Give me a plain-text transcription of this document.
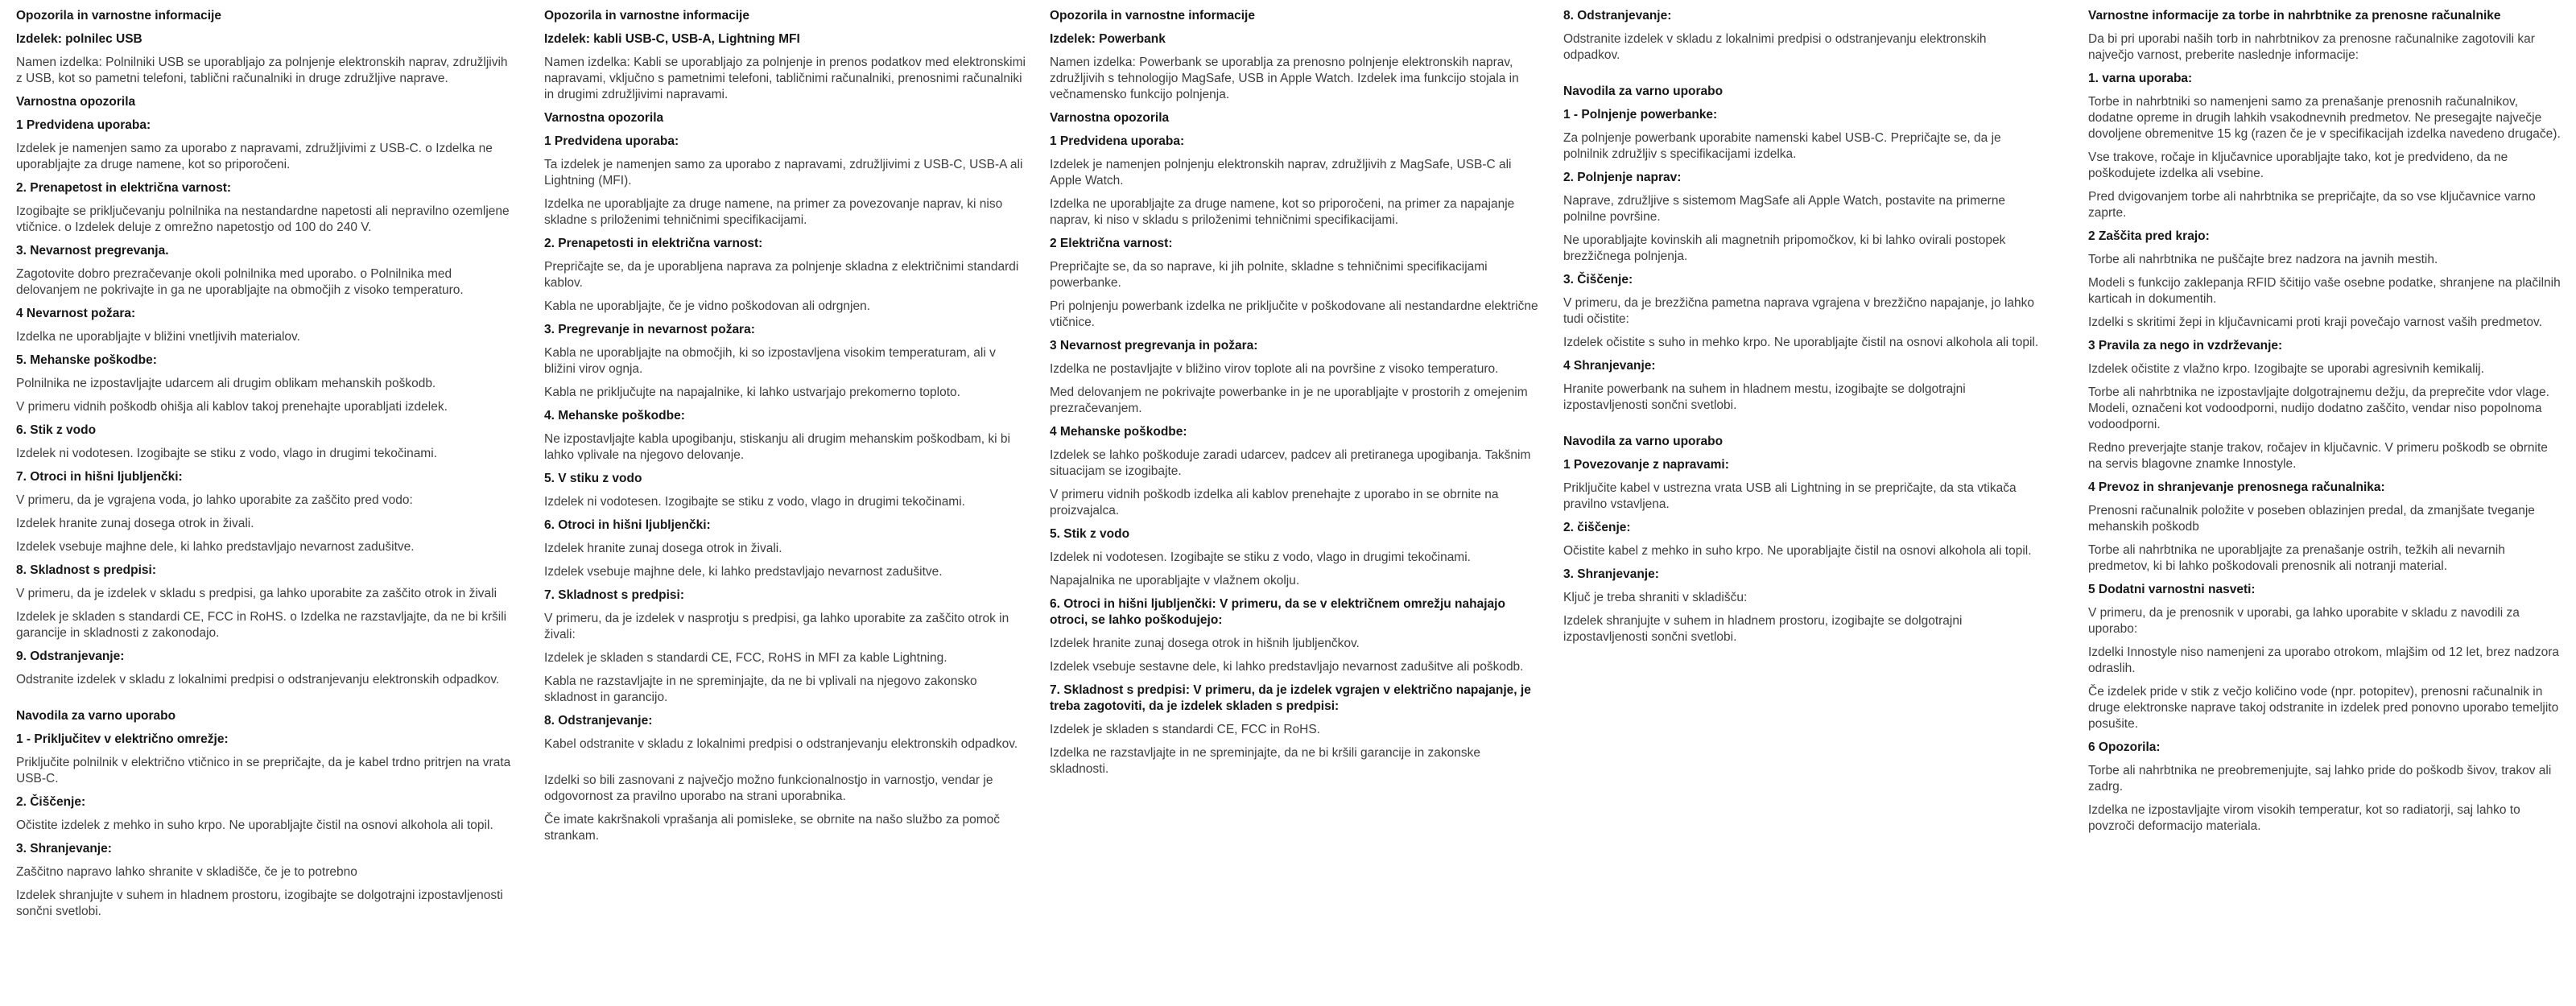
Opozorila in varnostne informacije
Izdelek: polnilec USB

Namen izdelka: Polnilniki USB se uporabljajo za polnjenje elektronskih naprav, združljivih z USB, kot so pametni telefoni, tablični računalniki in druge združljive naprave.

Varnostna opozorila
1 Predvidena uporaba:

Izdelek je namenjen samo za uporabo z napravami, združljivimi z USB-C. o Izdelka ne uporabljajte za druge namene, kot so priporočeni.

2. Prenapetost in električna varnost:

Izogibajte se priključevanju polnilnika na nestandardne napetosti ali nepravilno ozemljene vtičnice. o Izdelek deluje z omrežno napetostjo od 100 do 240 V.

3. Nevarnost pregrevanja.

Zagotovite dobro prezračevanje okoli polnilnika med uporabo. o Polnilnika med delovanjem ne pokrivajte in ga ne uporabljajte na območjih z visoko temperaturo.

4 Nevarnost požara:

Izdelka ne uporabljajte v bližini vnetljivih materialov.

5. Mehanske poškodbe:

Polnilnika ne izpostavljajte udarcem ali drugim oblikam mehanskih poškodb.

V primeru vidnih poškodb ohišja ali kablov takoj prenehajte uporabljati izdelek.

6. Stik z vodo

Izdelek ni vodotesen. Izogibajte se stiku z vodo, vlago in drugimi tekočinami.

7. Otroci in hišni ljubljenčki:

V primeru, da je vgrajena voda, jo lahko uporabite za zaščito pred vodo:

Izdelek hranite zunaj dosega otrok in živali.

Izdelek vsebuje majhne dele, ki lahko predstavljajo nevarnost zadušitve.

8. Skladnost s predpisi:

V primeru, da je izdelek v skladu s predpisi, ga lahko uporabite za zaščito otrok in živali

Izdelek je skladen s standardi CE, FCC in RoHS. o Izdelka ne razstavljajte, da ne bi kršili garancije in skladnosti z zakonodajo.

9. Odstranjevanje:

Odstranite izdelek v skladu z lokalnimi predpisi o odstranjevanju elektronskih odpadkov.

Navodila za varno uporabo
1 - Priključitev v električno omrežje:

Priključite polnilnik v električno vtičnico in se prepričajte, da je kabel trdno pritrjen na vrata USB-C.

2. Čiščenje:

Očistite izdelek z mehko in suho krpo. Ne uporabljajte čistil na osnovi alkohola ali topil.

3. Shranjevanje:

Zaščitno napravo lahko shranite v skladišče, če je to potrebno

Izdelek shranjujte v suhem in hladnem prostoru, izogibajte se dolgotrajni izpostavljenosti sončni svetlobi.

Opozorila in varnostne informacije
Izdelek: kabli USB-C, USB-A, Lightning MFI

Namen izdelka: Kabli se uporabljajo za polnjenje in prenos podatkov med elektronskimi napravami, vključno s pametnimi telefoni, tabličnimi računalniki, prenosnimi računalniki in drugimi združljivimi napravami.

Varnostna opozorila
1 Predvidena uporaba:

Ta izdelek je namenjen samo za uporabo z napravami, združljivimi z USB-C, USB-A ali Lightning (MFI).

Izdelka ne uporabljajte za druge namene, na primer za povezovanje naprav, ki niso skladne s priloženimi tehničnimi specifikacijami.

2. Prenapetosti in električna varnost:

Prepričajte se, da je uporabljena naprava za polnjenje skladna z električnimi standardi kablov.

Kabla ne uporabljajte, če je vidno poškodovan ali odrgnjen.

3. Pregrevanje in nevarnost požara:

Kabla ne uporabljajte na območjih, ki so izpostavljena visokim temperaturam, ali v bližini virov ognja.

Kabla ne priključujte na napajalnike, ki lahko ustvarjajo prekomerno toploto.

4. Mehanske poškodbe:

Ne izpostavljajte kabla upogibanju, stiskanju ali drugim mehanskim poškodbam, ki bi lahko vplivale na njegovo delovanje.

5. V stiku z vodo

Izdelek ni vodotesen. Izogibajte se stiku z vodo, vlago in drugimi tekočinami.

6. Otroci in hišni ljubljenčki:

Izdelek hranite zunaj dosega otrok in živali.

Izdelek vsebuje majhne dele, ki lahko predstavljajo nevarnost zadušitve.

7. Skladnost s predpisi:

V primeru, da je izdelek v nasprotju s predpisi, ga lahko uporabite za zaščito otrok in živali:

Izdelek je skladen s standardi CE, FCC, RoHS in MFI za kable Lightning.

Kabla ne razstavljajte in ne spreminjajte, da ne bi vplivali na njegovo zakonsko skladnost in garancijo.

8. Odstranjevanje:

Kabel odstranite v skladu z lokalnimi predpisi o odstranjevanju elektronskih odpadkov.

Izdelki so bili zasnovani z največjo možno funkcionalnostjo in varnostjo, vendar je odgovornost za pravilno uporabo na strani uporabnika.

Če imate kakršnakoli vprašanja ali pomisleke, se obrnite na našo službo za pomoč strankam.

Opozorila in varnostne informacije
Izdelek: Powerbank

Namen izdelka: Powerbank se uporablja za prenosno polnjenje elektronskih naprav, združljivih s tehnologijo MagSafe, USB in Apple Watch. Izdelek ima funkcijo stojala in večnamensko funkcijo polnjenja.

Varnostna opozorila
1 Predvidena uporaba:

Izdelek je namenjen polnjenju elektronskih naprav, združljivih z MagSafe, USB-C ali Apple Watch.

Izdelka ne uporabljajte za druge namene, kot so priporočeni, na primer za napajanje naprav, ki niso v skladu s priloženimi tehničnimi specifikacijami.

2 Električna varnost:

Prepričajte se, da so naprave, ki jih polnite, skladne s tehničnimi specifikacijami powerbanke.

Pri polnjenju powerbank izdelka ne priključite v poškodovane ali nestandardne električne vtičnice.

3 Nevarnost pregrevanja in požara:

Izdelka ne postavljajte v bližino virov toplote ali na površine z visoko temperaturo.

Med delovanjem ne pokrivajte powerbanke in je ne uporabljajte v prostorih z omejenim prezračevanjem.

4 Mehanske poškodbe:

Izdelek se lahko poškoduje zaradi udarcev, padcev ali pretiranega upogibanja. Takšnim situacijam se izogibajte.

V primeru vidnih poškodb izdelka ali kablov prenehajte z uporabo in se obrnite na proizvajalca.

5. Stik z vodo

Izdelek ni vodotesen. Izogibajte se stiku z vodo, vlago in drugimi tekočinami.

Napajalnika ne uporabljajte v vlažnem okolju.

6. Otroci in hišni ljubljenčki: V primeru, da se v električnem omrežju nahajajo otroci, se lahko poškodujejo:

Izdelek hranite zunaj dosega otrok in hišnih ljubljenčkov.

Izdelek vsebuje sestavne dele, ki lahko predstavljajo nevarnost zadušitve ali poškodb.

7. Skladnost s predpisi: V primeru, da je izdelek vgrajen v električno napajanje, je treba zagotoviti, da je izdelek skladen s predpisi:

Izdelek je skladen s standardi CE, FCC in RoHS.

Izdelka ne razstavljajte in ne spreminjajte, da ne bi kršili garancije in zakonske skladnosti.

8. Odstranjevanje:

Odstranite izdelek v skladu z lokalnimi predpisi o odstranjevanju elektronskih odpadkov.

Navodila za varno uporabo
1 - Polnjenje powerbanke:

Za polnjenje powerbank uporabite namenski kabel USB-C. Prepričajte se, da je polnilnik združljiv s specifikacijami izdelka.

2. Polnjenje naprav:

Naprave, združljive s sistemom MagSafe ali Apple Watch, postavite na primerne polnilne površine.

Ne uporabljajte kovinskih ali magnetnih pripomočkov, ki bi lahko ovirali postopek brezžičnega polnjenja.

3. Čiščenje:

V primeru, da je brezžična pametna naprava vgrajena v brezžično napajanje, jo lahko tudi očistite:

Izdelek očistite s suho in mehko krpo. Ne uporabljajte čistil na osnovi alkohola ali topil.

4 Shranjevanje:

Hranite powerbank na suhem in hladnem mestu, izogibajte se dolgotrajni izpostavljenosti sončni svetlobi.

Navodila za varno uporabo
1 Povezovanje z napravami:

Priključite kabel v ustrezna vrata USB ali Lightning in se prepričajte, da sta vtikača pravilno vstavljena.

2. čiščenje:

Očistite kabel z mehko in suho krpo. Ne uporabljajte čistil na osnovi alkohola ali topil.

3. Shranjevanje:

Ključ je treba shraniti v skladišču:

Izdelek shranjujte v suhem in hladnem prostoru, izogibajte se dolgotrajni izpostavljenosti sončni svetlobi.

Varnostne informacije za torbe in nahrbtnike za prenosne računalnike

Da bi pri uporabi naših torb in nahrbtnikov za prenosne računalnike zagotovili kar največjo varnost, preberite naslednje informacije:

1. varna uporaba:

Torbe in nahrbtniki so namenjeni samo za prenašanje prenosnih računalnikov, dodatne opreme in drugih lahkih vsakodnevnih predmetov. Ne presegajte največje dovoljene obremenitve 15 kg (razen če je v specifikacijah izdelka navedeno drugače).

Vse trakove, ročaje in ključavnice uporabljajte tako, kot je predvideno, da ne poškodujete izdelka ali vsebine.

Pred dvigovanjem torbe ali nahrbtnika se prepričajte, da so vse ključavnice varno zaprte.

2 Zaščita pred krajo:

Torbe ali nahrbtnika ne puščajte brez nadzora na javnih mestih.

Modeli s funkcijo zaklepanja RFID ščitijo vaše osebne podatke, shranjene na plačilnih karticah in dokumentih.

Izdelki s skritimi žepi in ključavnicami proti kraji povečajo varnost vaših predmetov.

3 Pravila za nego in vzdrževanje:

Izdelek očistite z vlažno krpo. Izogibajte se uporabi agresivnih kemikalij.

Torbe ali nahrbtnika ne izpostavljajte dolgotrajnemu dežju, da preprečite vdor vlage. Modeli, označeni kot vodoodporni, nudijo dodatno zaščito, vendar niso popolnoma vodoodporni.

Redno preverjajte stanje trakov, ročajev in ključavnic. V primeru poškodb se obrnite na servis blagovne znamke Innostyle.

4 Prevoz in shranjevanje prenosnega računalnika:

Prenosni računalnik položite v poseben oblazinjen predal, da zmanjšate tveganje mehanskih poškodb

Torbe ali nahrbtnika ne uporabljajte za prenašanje ostrih, težkih ali nevarnih predmetov, ki bi lahko poškodovali prenosnik ali notranji material.

5 Dodatni varnostni nasveti:

V primeru, da je prenosnik v uporabi, ga lahko uporabite v skladu z navodili za uporabo:

Izdelki Innostyle niso namenjeni za uporabo otrokom, mlajšim od 12 let, brez nadzora odraslih.

Če izdelek pride v stik z večjo količino vode (npr. potopitev), prenosni računalnik in druge elektronske naprave takoj odstranite in izdelek pred ponovno uporabo temeljito posušite.

6 Opozorila:

Torbe ali nahrbtnika ne preobremenjujte, saj lahko pride do poškodb šivov, trakov ali zadrg.

Izdelka ne izpostavljajte virom visokih temperatur, kot so radiatorji, saj lahko to povzroči deformacijo materiala.
